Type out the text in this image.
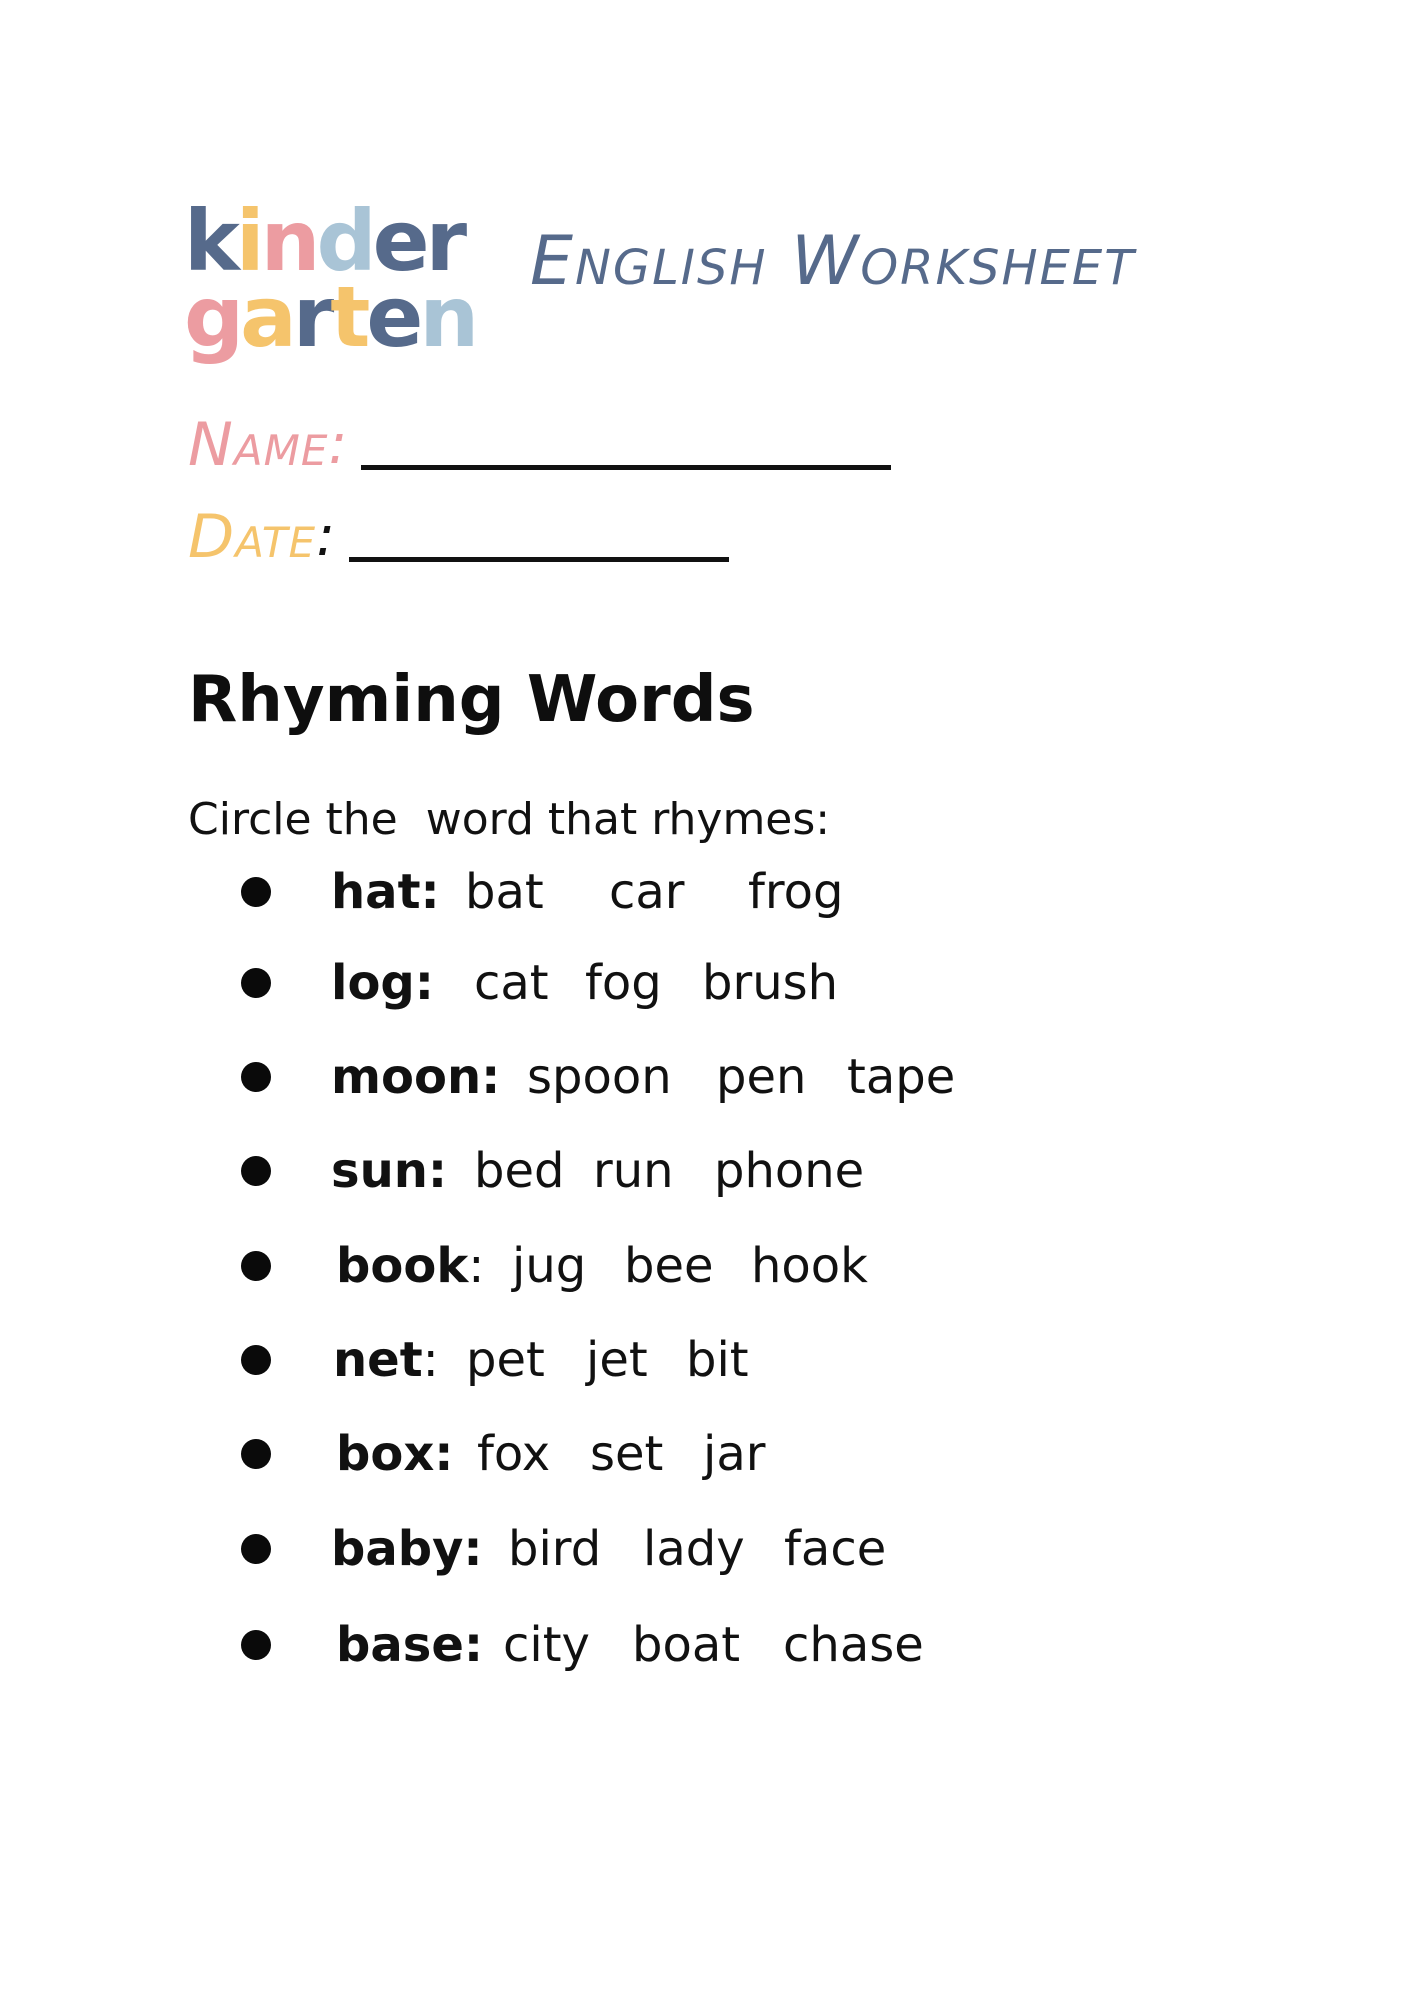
k i n d e r
g a r t e n
English Worksheet
Name :
Date :
Rhyming Words
Circle the  word that rhymes:
hat: bat car frog
log: cat fog brush
moon: spoon pen tape
sun: bed run phone
book: jug bee hook
net: pet jet bit
box: fox set jar
baby: bird lady face
base: city boat chase
